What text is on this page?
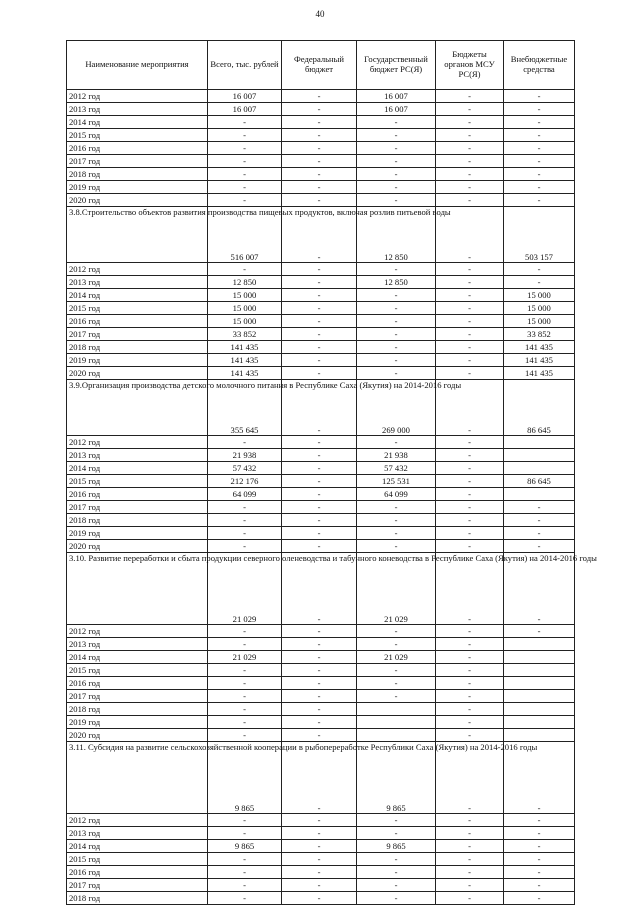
40
Наименование мероприятия	Всего, тыс. рублей	Федеральный бюджет	Государственный бюджет РС(Я)	Бюджеты органов МСУ РС(Я)	Внебюджетные средства
2012 год	16 007	-	16 007	-	-
2013 год	16 007	-	16 007	-	-
2014 год	-	-	-	-	-
2015 год	-	-	-	-	-
2016 год	-	-	-	-	-
2017 год	-	-	-	-	-
2018 год	-	-	-	-	-
2019 год	-	-	-	-	-
2020 год	-	-	-	-	-
3.8.Строительство объектов развития производства пищевых продуктов, включая розлив питьевой воды	516 007	-	12 850	-	503 157
2012 год	-	-	-	-	-
2013 год	12 850	-	12 850	-	-
2014 год	15 000	-	-	-	15 000
2015 год	15 000	-	-	-	15 000
2016 год	15 000	-	-	-	15 000
2017 год	33 852	-	-	-	33 852
2018 год	141 435	-	-	-	141 435
2019 год	141 435	-	-	-	141 435
2020 год	141 435	-	-	-	141 435
3.9.Организация производства детского молочного питания в Республике Саха (Якутия) на 2014-2016 годы	355 645	-	269 000	-	86 645
2012 год	-	-	-	-	
2013 год	21 938	-	21 938	-	
2014 год	57 432	-	57 432	-	
2015 год	212 176	-	125 531	-	86 645
2016 год	64 099	-	64 099	-	
2017 год	-	-	-	-	-
2018 год	-	-	-	-	-
2019 год	-	-	-	-	-
2020 год	-	-	-	-	-
3.10. Развитие переработки и сбыта продукции северного оленеводства и табунного коневодства в Республике Саха (Якутия) на 2014-2016 годы	21 029	-	21 029	-	-
2012 год	-	-	-	-	-
2013 год	-	-	-	-	
2014 год	21 029	-	21 029	-	
2015 год	-	-	-	-	
2016 год	-	-	-	-	
2017 год	-	-	-	-	
2018 год	-	-		-	
2019 год	-	-		-	
2020 год	-	-		-	
3.11. Субсидия на развитие сельскохозяйственной кооперации в рыбопереработке Республики Саха (Якутия) на 2014-2016 годы	9 865	-	9 865	-	-
2012 год	-	-	-	-	-
2013 год	-	-	-	-	-
2014 год	9 865	-	9 865	-	-
2015 год	-	-	-	-	-
2016 год	-	-	-	-	-
2017 год	-	-	-	-	-
2018 год	-	-	-	-	-
